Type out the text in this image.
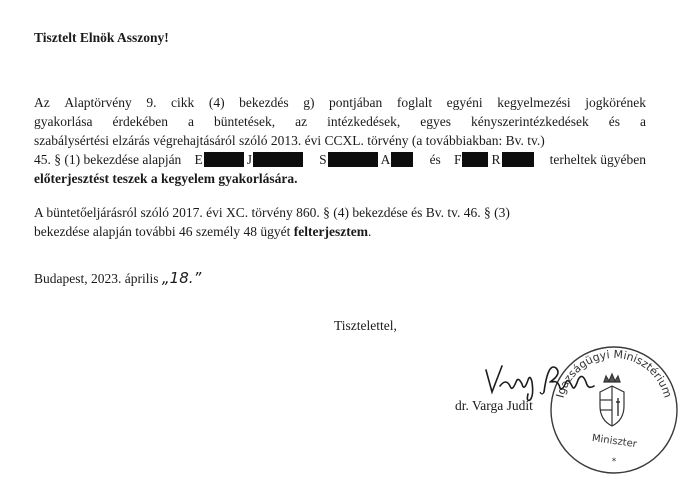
Tisztelt Elnök Asszony!
Az Alaptörvény 9. cikk (4) bekezdés g) pontjában foglalt egyéni kegyelmezési jogkörének
gyakorlása érdekében a büntetések, az intézkedések, egyes kényszerintézkedések és a
szabálysértési elzárás végrehajtásáról szóló 2013. évi CCXL. törvény (a továbbiakban: Bv. tv.)
45. § (1) bekezdése alapján E	J	S	A	és F R	terheltek ügyében
előterjesztést teszek a kegyelem gyakorlására.
A büntetőeljárásról szóló 2017. évi XC. törvény 860. § (4) bekezdése és Bv. tv. 46. § (3)
bekezdése alapján további 46 személy 48 ügyét felterjesztem .
Budapest, 2023. április „18.”
Tisztelettel,
Igazságügyi Minisztérium
Miniszter
*
dr. Varga Judit
